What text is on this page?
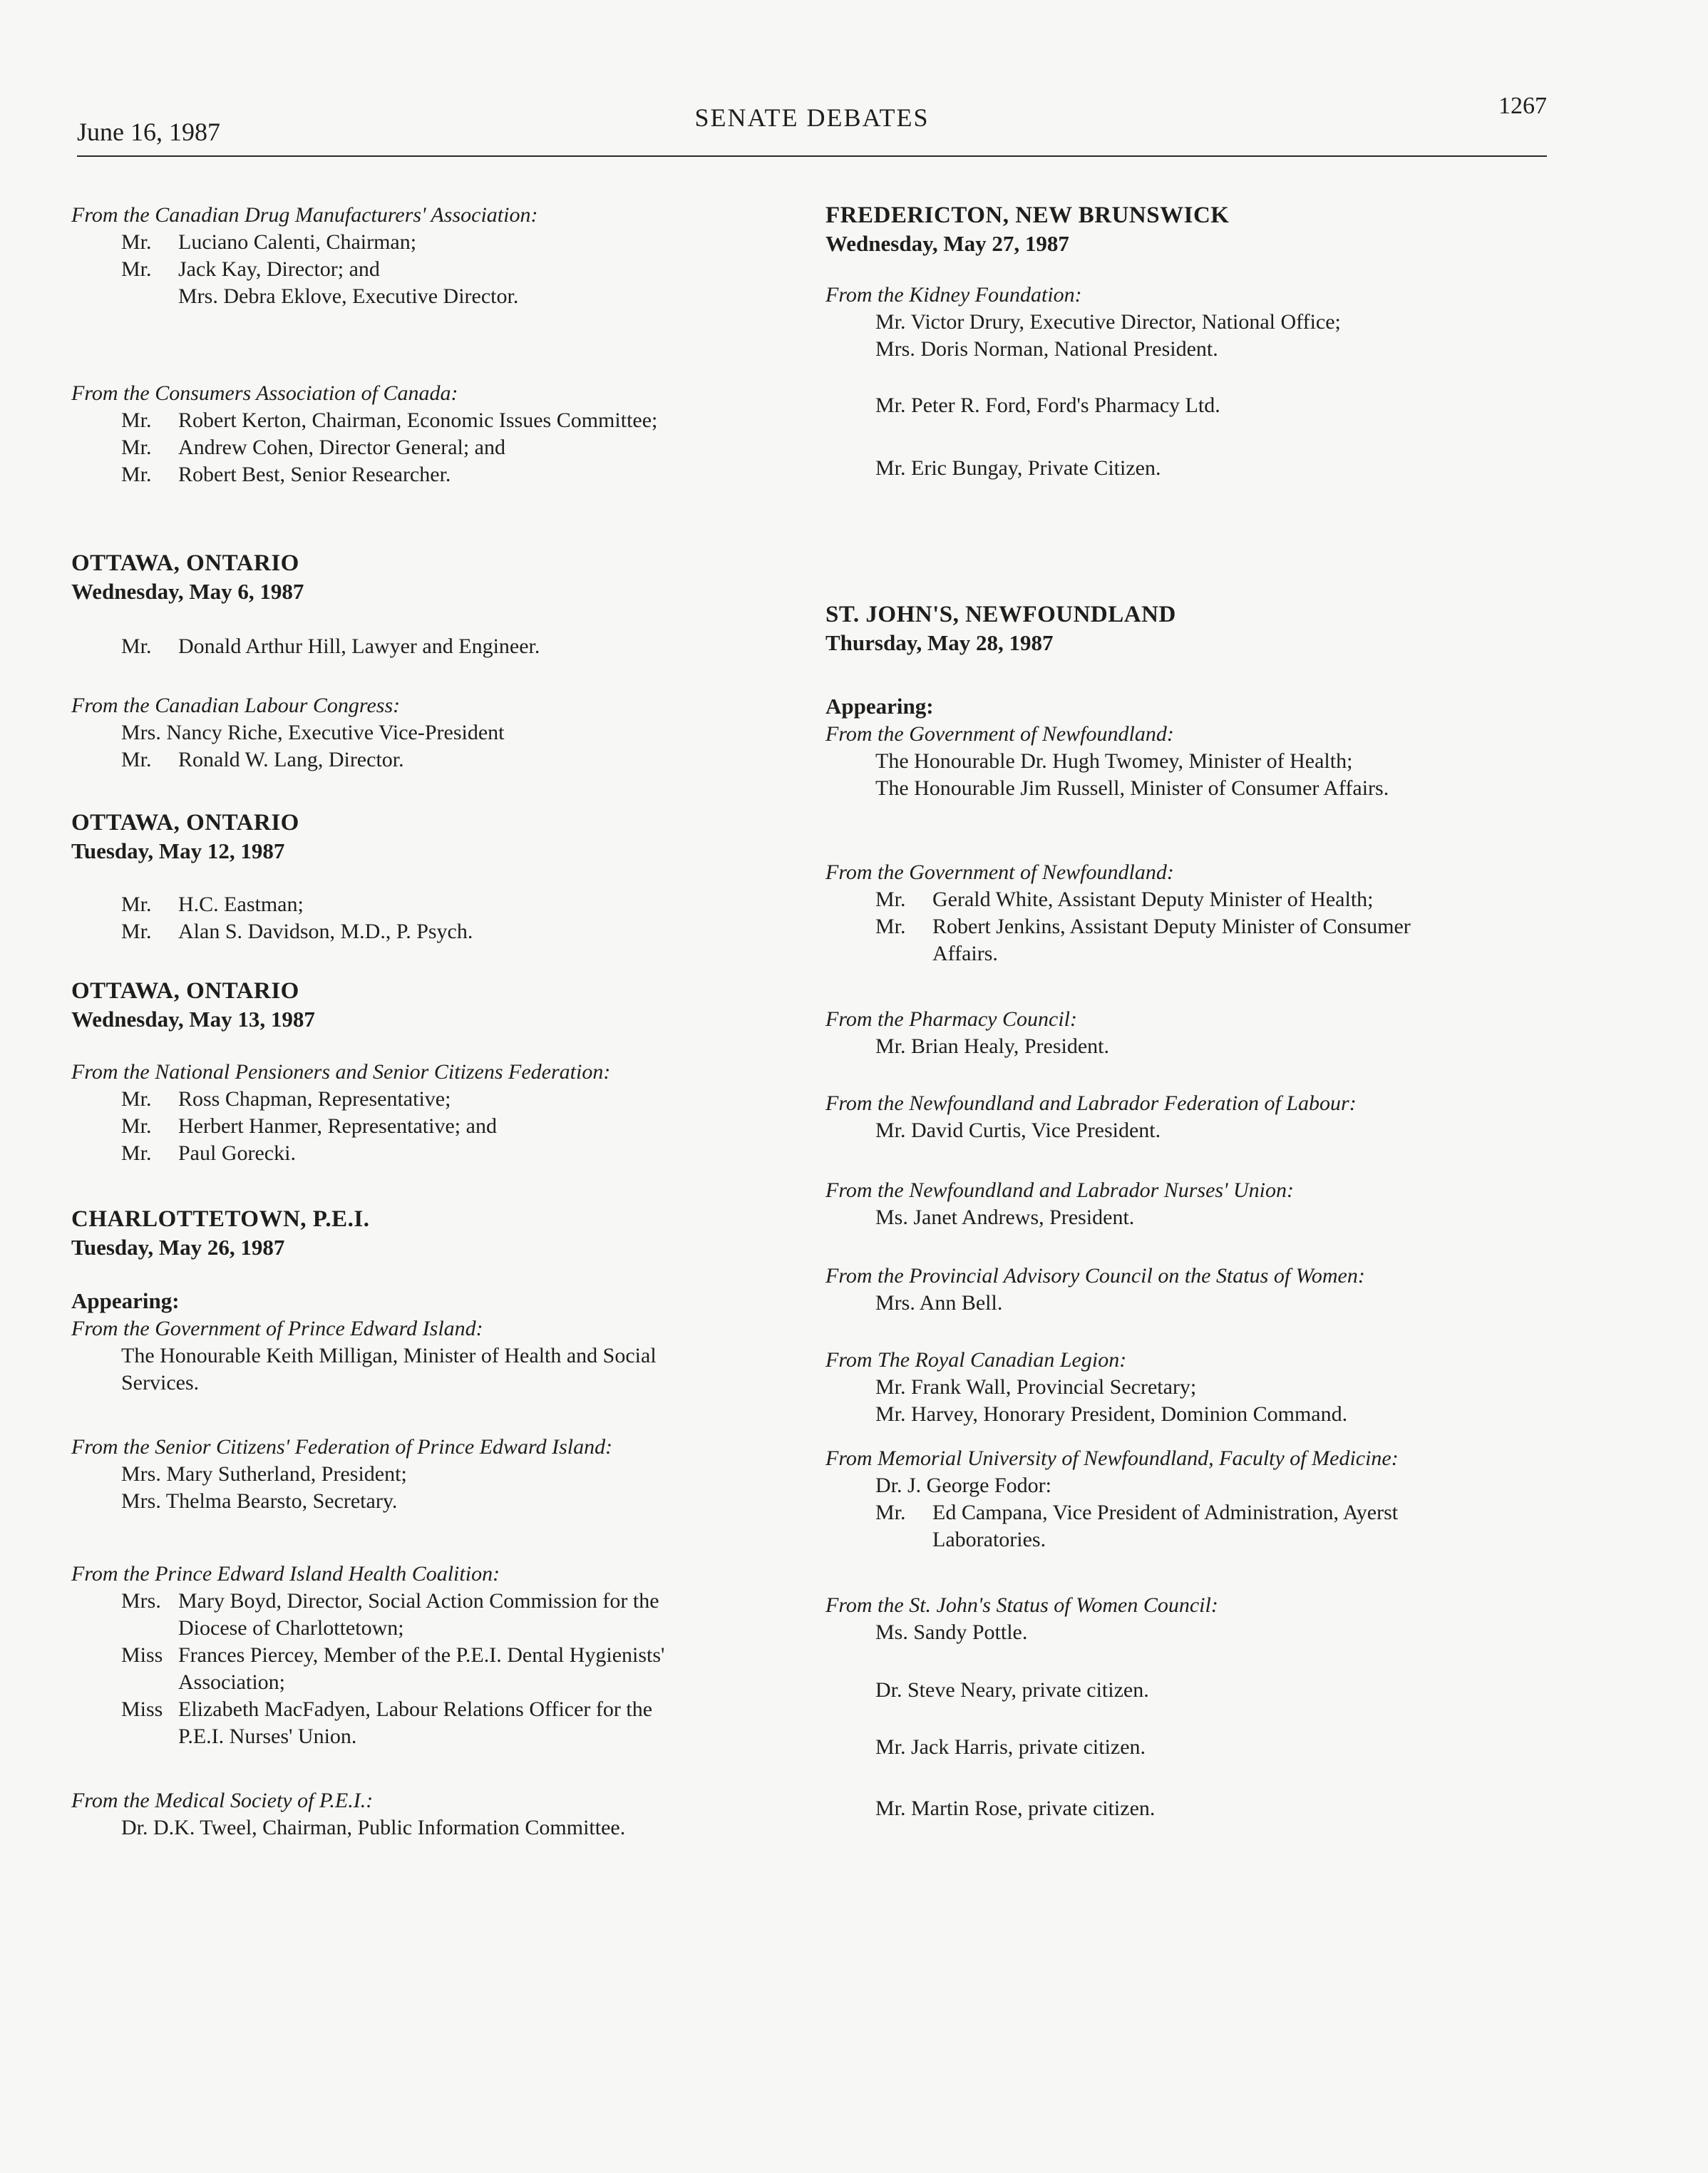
June 16, 1987	SENATE DEBATES	1267
From the Canadian Drug Manufacturers' Association:
Mr.	Luciano Calenti, Chairman;
Mr.	Jack Kay, Director; and
Mrs. Debra Eklove, Executive Director.
From the Consumers Association of Canada:
Mr.	Robert Kerton, Chairman, Economic Issues Committee;
Mr.	Andrew Cohen, Director General; and
Mr.	Robert Best, Senior Researcher.
OTTAWA, ONTARIO
Wednesday, May 6, 1987
Mr.	Donald Arthur Hill, Lawyer and Engineer.
From the Canadian Labour Congress:
Mrs. Nancy Riche, Executive Vice-President
Mr.	Ronald W. Lang, Director.
OTTAWA, ONTARIO
Tuesday, May 12, 1987
Mr.	H.C. Eastman;
Mr.	Alan S. Davidson, M.D., P. Psych.
OTTAWA, ONTARIO
Wednesday, May 13, 1987
From the National Pensioners and Senior Citizens Federation:
Mr.	Ross Chapman, Representative;
Mr.	Herbert Hanmer, Representative; and
Mr.	Paul Gorecki.
CHARLOTTETOWN, P.E.I.
Tuesday, May 26, 1987
Appearing:
From the Government of Prince Edward Island:
The Honourable Keith Milligan, Minister of Health and Social
Services.
From the Senior Citizens' Federation of Prince Edward Island:
Mrs. Mary Sutherland, President;
Mrs. Thelma Bearsto, Secretary.
From the Prince Edward Island Health Coalition:
Mrs. Mary Boyd, Director, Social Action Commission for the
Diocese of Charlottetown;
Miss Frances Piercey, Member of the P.E.I. Dental Hygienists'
Association;
Miss Elizabeth MacFadyen, Labour Relations Officer for the
P.E.I. Nurses' Union.
From the Medical Society of P.E.I.:
Dr. D.K. Tweel, Chairman, Public Information Committee.
FREDERICTON, NEW BRUNSWICK
Wednesday, May 27, 1987
From the Kidney Foundation:
Mr. Victor Drury, Executive Director, National Office;
Mrs. Doris Norman, National President.
Mr. Peter R. Ford, Ford's Pharmacy Ltd.
Mr. Eric Bungay, Private Citizen.
ST. JOHN'S, NEWFOUNDLAND
Thursday, May 28, 1987
Appearing:
From the Government of Newfoundland:
The Honourable Dr. Hugh Twomey, Minister of Health;
The Honourable Jim Russell, Minister of Consumer Affairs.
From the Government of Newfoundland:
Mr.	Gerald White, Assistant Deputy Minister of Health;
Mr.	Robert Jenkins, Assistant Deputy Minister of Consumer
Affairs.
From the Pharmacy Council:
Mr. Brian Healy, President.
From the Newfoundland and Labrador Federation of Labour:
Mr. David Curtis, Vice President.
From the Newfoundland and Labrador Nurses' Union:
Ms. Janet Andrews, President.
From the Provincial Advisory Council on the Status of Women:
Mrs. Ann Bell.
From The Royal Canadian Legion:
Mr. Frank Wall, Provincial Secretary;
Mr. Harvey, Honorary President, Dominion Command.
From Memorial University of Newfoundland, Faculty of Medicine:
Dr. J. George Fodor:
Mr.	Ed Campana, Vice President of Administration, Ayerst
Laboratories.
From the St. John's Status of Women Council:
Ms. Sandy Pottle.
Dr. Steve Neary, private citizen.
Mr. Jack Harris, private citizen.
Mr. Martin Rose, private citizen.
